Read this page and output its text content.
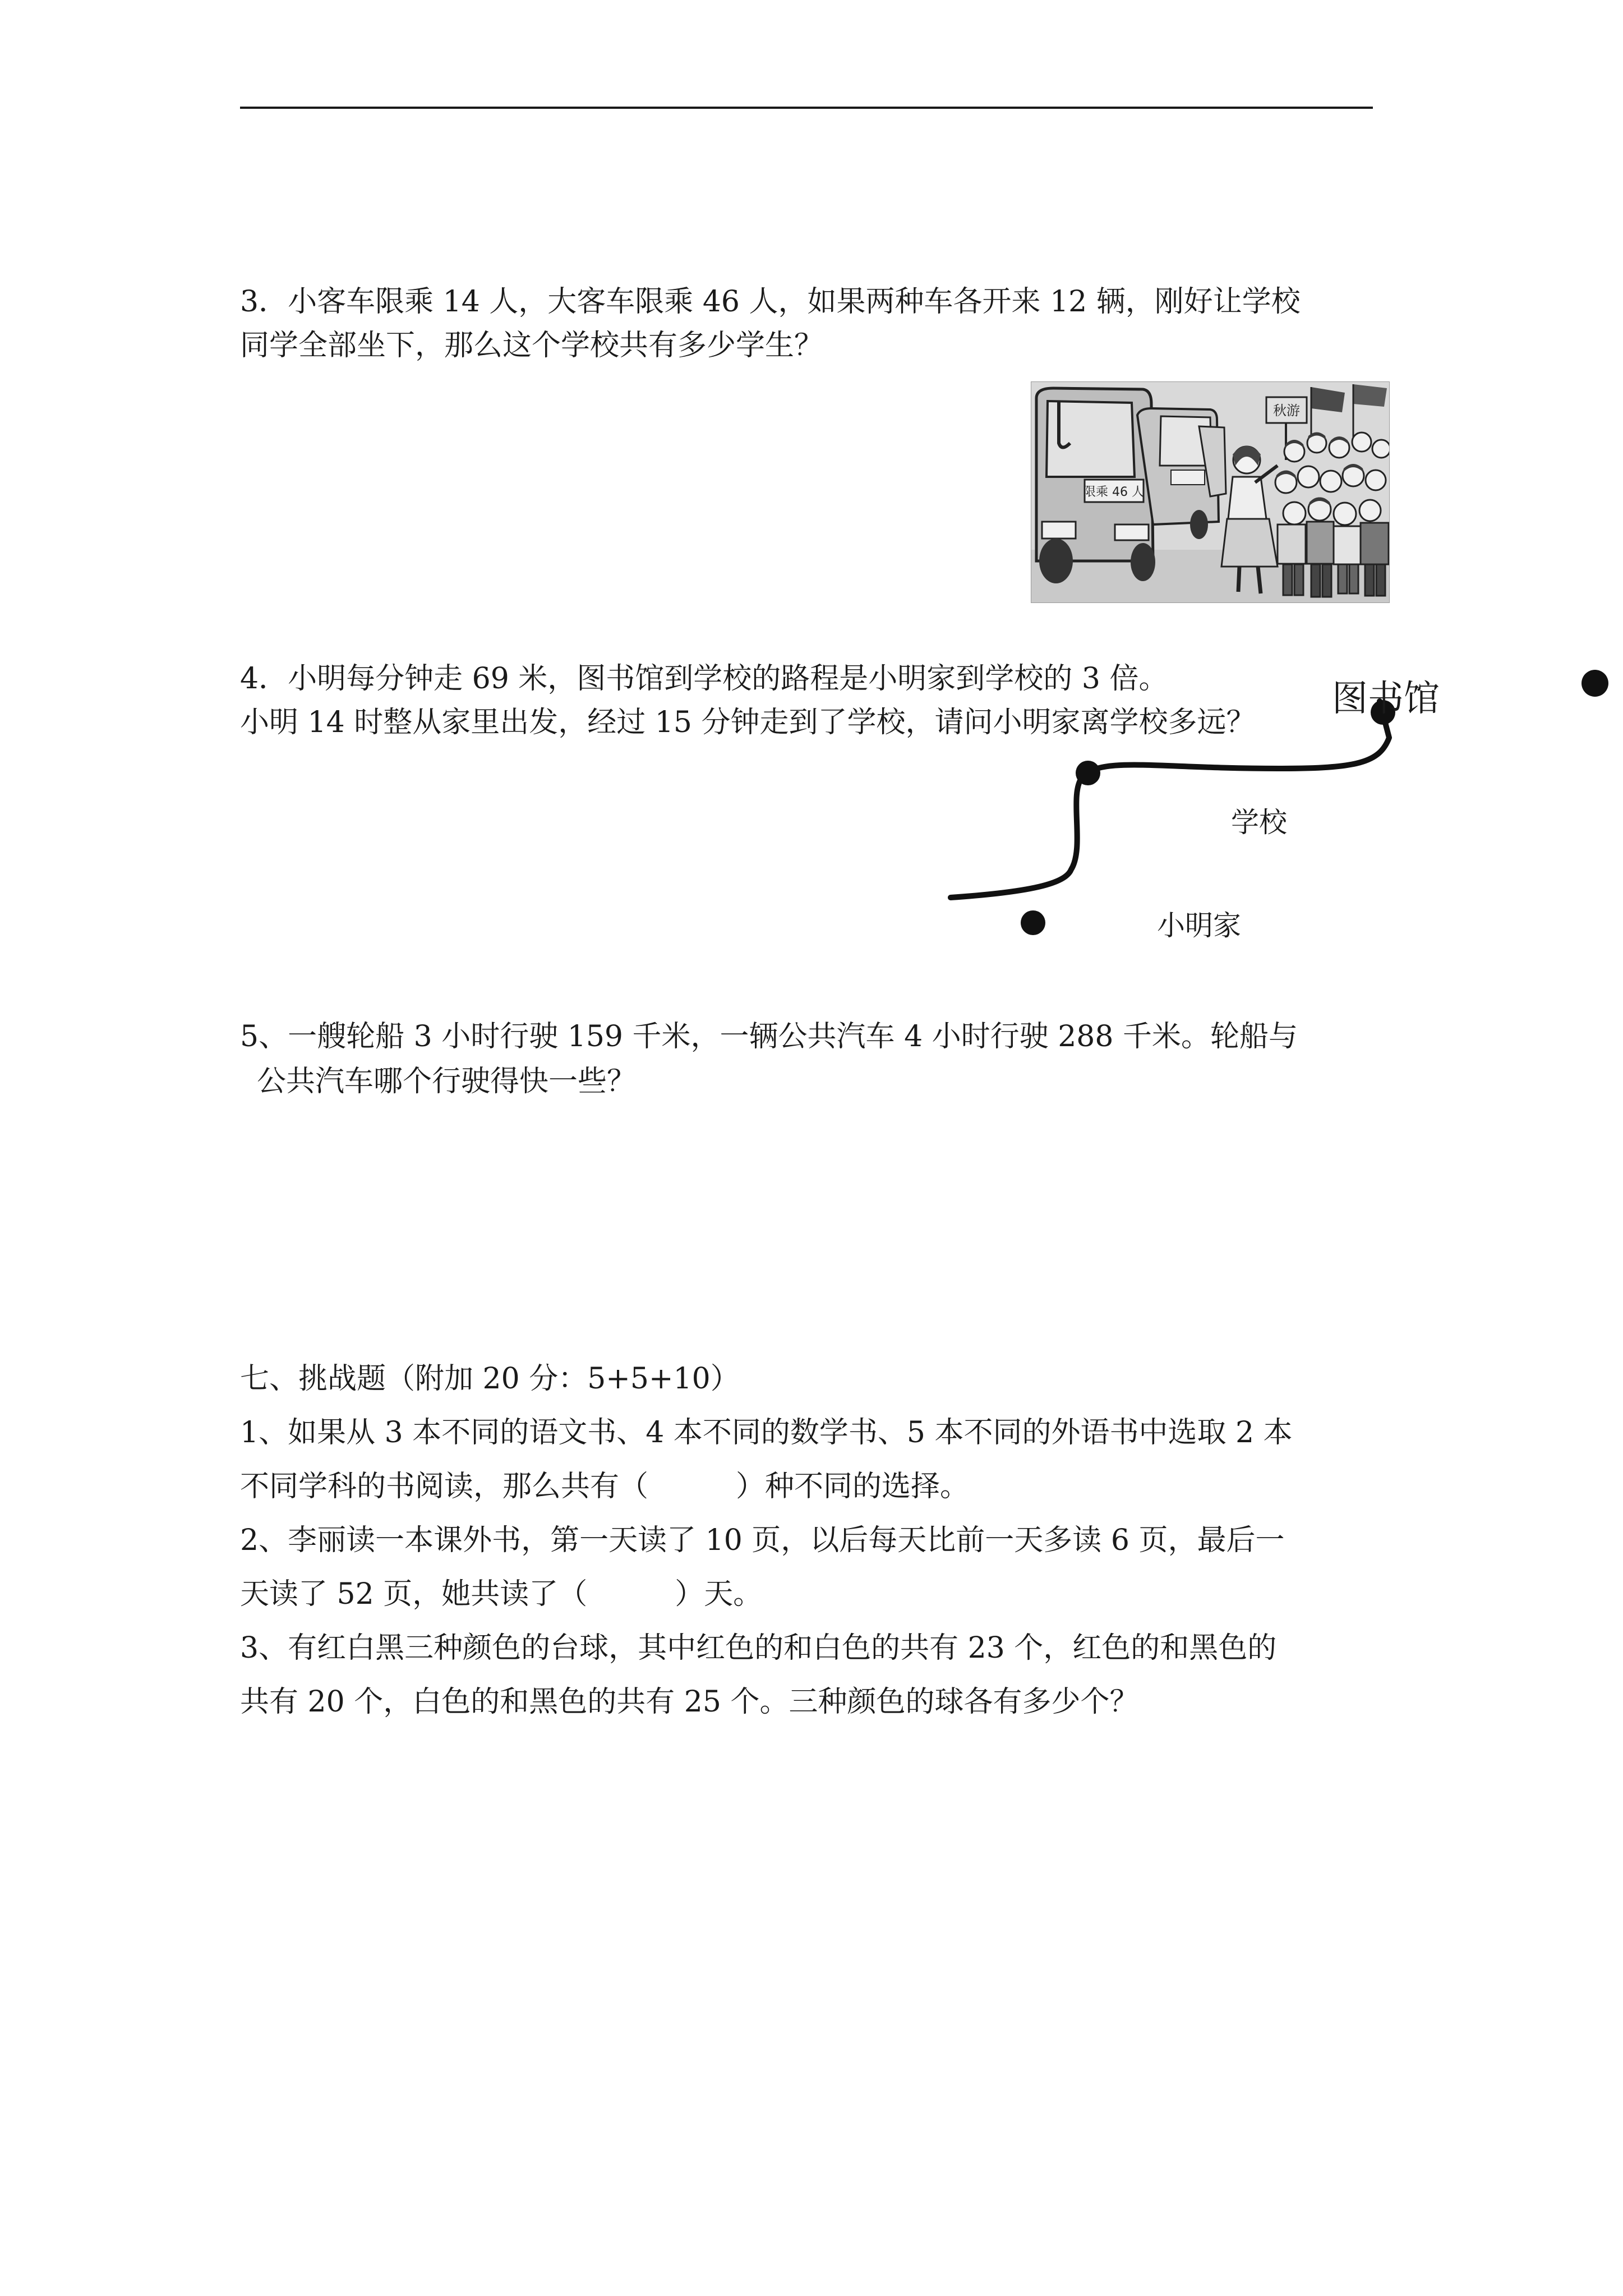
3．小客车限乘 14 人，大客车限乘 46 人，如果两种车各开来 12 辆，刚好让学校
同学全部坐下，那么这个学校共有多少学生？
限乘 46 人
秋游
4．小明每分钟走 69 米，图书馆到学校的路程是小明家到学校的 3 倍。
小明 14 时整从家里出发，经过 15 分钟走到了学校，请问小明家离学校多远？
图书馆
学校
小明家
5、一艘轮船 3 小时行驶 159 千米，一辆公共汽车 4 小时行驶 288 千米。轮船与
公共汽车哪个行驶得快一些？
七、挑战题（附加 20 分：5+5+10）
1、如果从 3 本不同的语文书、4 本不同的数学书、5 本不同的外语书中选取 2 本
不同学科的书阅读，那么共有（　　　）种不同的选择。
2、李丽读一本课外书，第一天读了 10 页，以后每天比前一天多读 6 页，最后一
天读了 52 页，她共读了（　　　）天。
3、有红白黑三种颜色的台球，其中红色的和白色的共有 23 个，红色的和黑色的
共有 20 个，白色的和黑色的共有 25 个。三种颜色的球各有多少个？
